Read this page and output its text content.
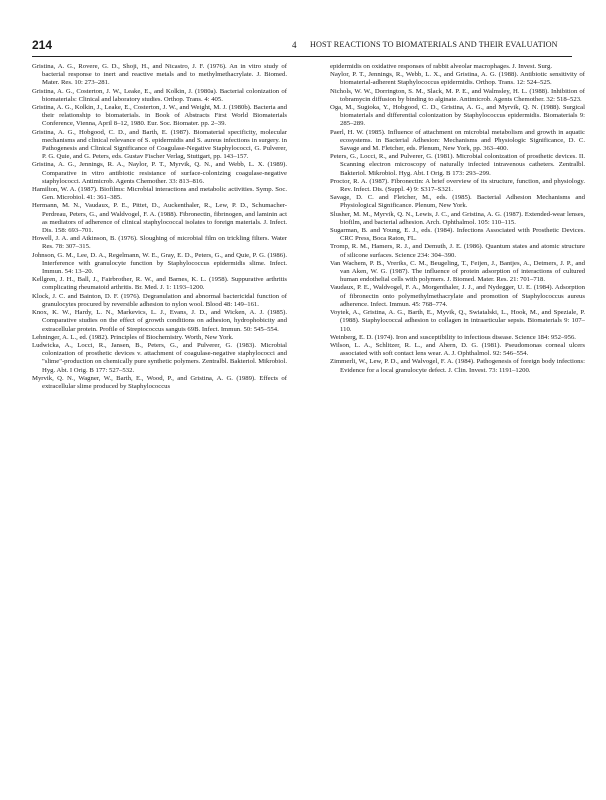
214	4 HOST REACTIONS TO BIOMATERIALS AND THEIR EVALUATION

Gristina, A. G., Rovere, G. D., Shoji, H., and Nicastro, J. F. (1976). An in vitro study of bacterial response to inert and reactive metals and to methylmethacrylate. J. Biomed. Mater. Res. 10: 273–281.

Gristina, A. G., Costerton, J. W., Leake, E., and Kolkin, J. (1980a). Bacterial colonization of biomaterials: Clinical and laboratory studies. Orthop. Trans. 4: 405.

Gristina, A. G., Kolkin, J., Leake, E., Costerton, J. W., and Weight, M. J. (1980b). Bacteria and their relationship to biomaterials. in Book of Abstracts First World Biomaterials Conference, Vienna, April 8–12, 1980. Eur. Soc. Biomater. pp. 2–39.

Gristina, A. G., Hobgood, C. D., and Barth, E. (1987). Biomaterial specificity, molecular mechanisms and clinical relevance of S. epidermidis and S. aureus infections in surgery. in Pathogenesis and Clinical Significance of Coagulase-Negative Staphylococci, G. Pulverer, P. G. Quie, and G. Peters, eds. Gustav Fischer Verlag, Stuttgart, pp. 143–157.

Gristina, A. G., Jennings, R. A., Naylor, P. T., Myrvik, Q. N., and Webb, L. X. (1989). Comparative in vitro antibiotic resistance of surface-colonizing coagulase-negative staphylococci. Antimicrob. Agents Chemother. 33: 813–816.

Hamilton, W. A. (1987). Biofilms: Microbial interactions and metabolic activities. Symp. Soc. Gen. Microbiol. 41: 361–385.

Hermann, M. N., Vaudaux, P. E., Pittet, D., Auckenthaler, R., Lew, P. D., Schumacher-Perdreau, Peters, G., and Waldvogel, F. A. (1988). Fibronectin, fibrinogen, and laminin act as mediators of adherence of clinical staphylococcal isolates to foreign materials. J. Infect. Dis. 158: 693–701.

Howell, J. A. and Atkinson, B. (1976). Sloughing of microbial film on trickling filters. Water Res. 78: 307–315.

Johnson, G. M., Lee, D. A., Regelmann, W. E., Gray, E. D., Peters, G., and Quie, P. G. (1986). Interference with granulocyte function by Staphylococcus epidermidis slime. Infect. Immun. 54: 13–20.

Kellgren, J. H., Ball, J., Fairbrother, R. W., and Barnes, K. L. (1958). Suppurative arthritis complicating rheumatoid arthritis. Br. Med. J. 1: 1193–1200.

Klock, J. C. and Bainton, D. F. (1976). Degranulation and abnormal bactericidal function of granulocytes procured by reversible adhesion to nylon wool. Blood 48: 149–161.

Knox, K. W., Hardy, L. N., Markevics, L. J., Evans, J. D., and Wicken, A. J. (1985). Comparative studies on the effect of growth conditions on adhesion, hydrophobicity and extracellular protein. Profile of Streptococcus sanguis 69B. Infect. Immun. 50: 545–554.

Lehninger, A. L., ed. (1982). Principles of Biochemistry. Worth, New York.

Ludwicka, A., Locci, R., Jansen, B., Peters, G., and Pulverer, G. (1983). Microbial colonization of prosthetic devices v. attachment of coagulase-negative staphylococci and "slime"-production on chemically pure synthetic polymers. Zentralbl. Bakteriol. Mikrobiol. Hyg. Abt. I Orig. B 177: 527–532.

Myrvik, Q. N., Wagner, W., Barth, E., Wood, P., and Gristina, A. G. (1989). Effects of extracellular slime produced by Staphylococcus

epidermidis on oxidative responses of rabbit alveolar macrophages. J. Invest. Surg.

Naylor, P. T., Jennings, R., Webb, L. X., and Gristina, A. G. (1988). Antibiotic sensitivity of biomaterial-adherent Staphylococcus epidermidis. Orthop. Trans. 12: 524–525.

Nichols, W. W., Dorrington, S. M., Slack, M. P. E., and Walmsley, H. L. (1988). Inhibition of tobramycin diffusion by binding to alginate. Antimicrob. Agents Chemother. 32: 518–523.

Oga, M., Sugioka, Y., Hobgood, C. D., Gristina, A. G., and Myrvik, Q. N. (1988). Surgical biomaterials and differential colonization by Staphylococcus epidermidis. Biomaterials 9: 285–289.

Paerl, H. W. (1985). Influence of attachment on microbial metabolism and growth in aquatic ecosystems. in Bacterial Adhesion: Mechanisms and Physiologic Significance, D. C. Savage and M. Fletcher, eds. Plenum, New York, pp. 363–400.

Peters, G., Locci, R., and Pulverer, G. (1981). Microbial colonization of prosthetic devices. II. Scanning electron microscopy of naturally infected intravenous catheters. Zentralbl. Bakteriol. Mikrobiol. Hyg. Abt. I Orig. B 173: 293–299.

Proctor, R. A. (1987). Fibronectin: A brief overview of its structure, function, and physiology. Rev. Infect. Dis. (Suppl. 4) 9: S317–S321.

Savage, D. C. and Fletcher, M., eds. (1985). Bacterial Adhesion Mechanisms and Physiological Significance. Plenum, New York.

Slusher, M. M., Myrvik, Q. N., Lewis, J. C., and Gristina, A. G. (1987). Extended-wear lenses, biofilm, and bacterial adhesion. Arch. Ophthalmol. 105: 110–115.

Sugarman, B. and Young, E. J., eds. (1984). Infections Associated with Prosthetic Devices. CRC Press, Boca Raton, FL.

Tromp, R. M., Hamers, R. J., and Demuth, J. E. (1986). Quantum states and atomic structure of silicone surfaces. Science 234: 304–390.

Van Wachem, P. B., Vreriks, C. M., Beugeling, T., Feijen, J., Bantjes, A., Detmers, J. P., and van Aken, W. G. (1987). The influence of protein adsorption of interactions of cultured human endothelial cells with polymers. J. Biomed. Mater. Res. 21: 701–718.

Vaudaux, P. E., Waldvogel, F. A., Morgenthaler, J. J., and Nydegger, U. E. (1984). Adsorption of fibronectin onto polymethylmethacrylate and promotion of Staphylococcus aureus adherence. Infect. Immun. 45: 768–774.

Voytek, A., Gristina, A. G., Barth, E., Myvik, Q., Swiatalski, L., Hook, M., and Speziale, P. (1988). Staphylococcal adhesion to collagen in intraarticular sepsis. Biomaterials 9: 107–110.

Weinberg, E. D. (1974). Iron and susceptibility to infectious disease. Science 184: 952–956.

Wilson, L. A., Schlitzer, R. L., and Ahern, D. G. (1981). Pseudomonas corneal ulcers associated with soft contact lens wear. A. J. Ophthalmol. 92: 546–554.

Zimmerli, W., Lew, P. D., and Walvogel, F. A. (1984). Pathogenesis of foreign body infections: Evidence for a local granulocyte defect. J. Clin. Invest. 73: 1191–1200.
